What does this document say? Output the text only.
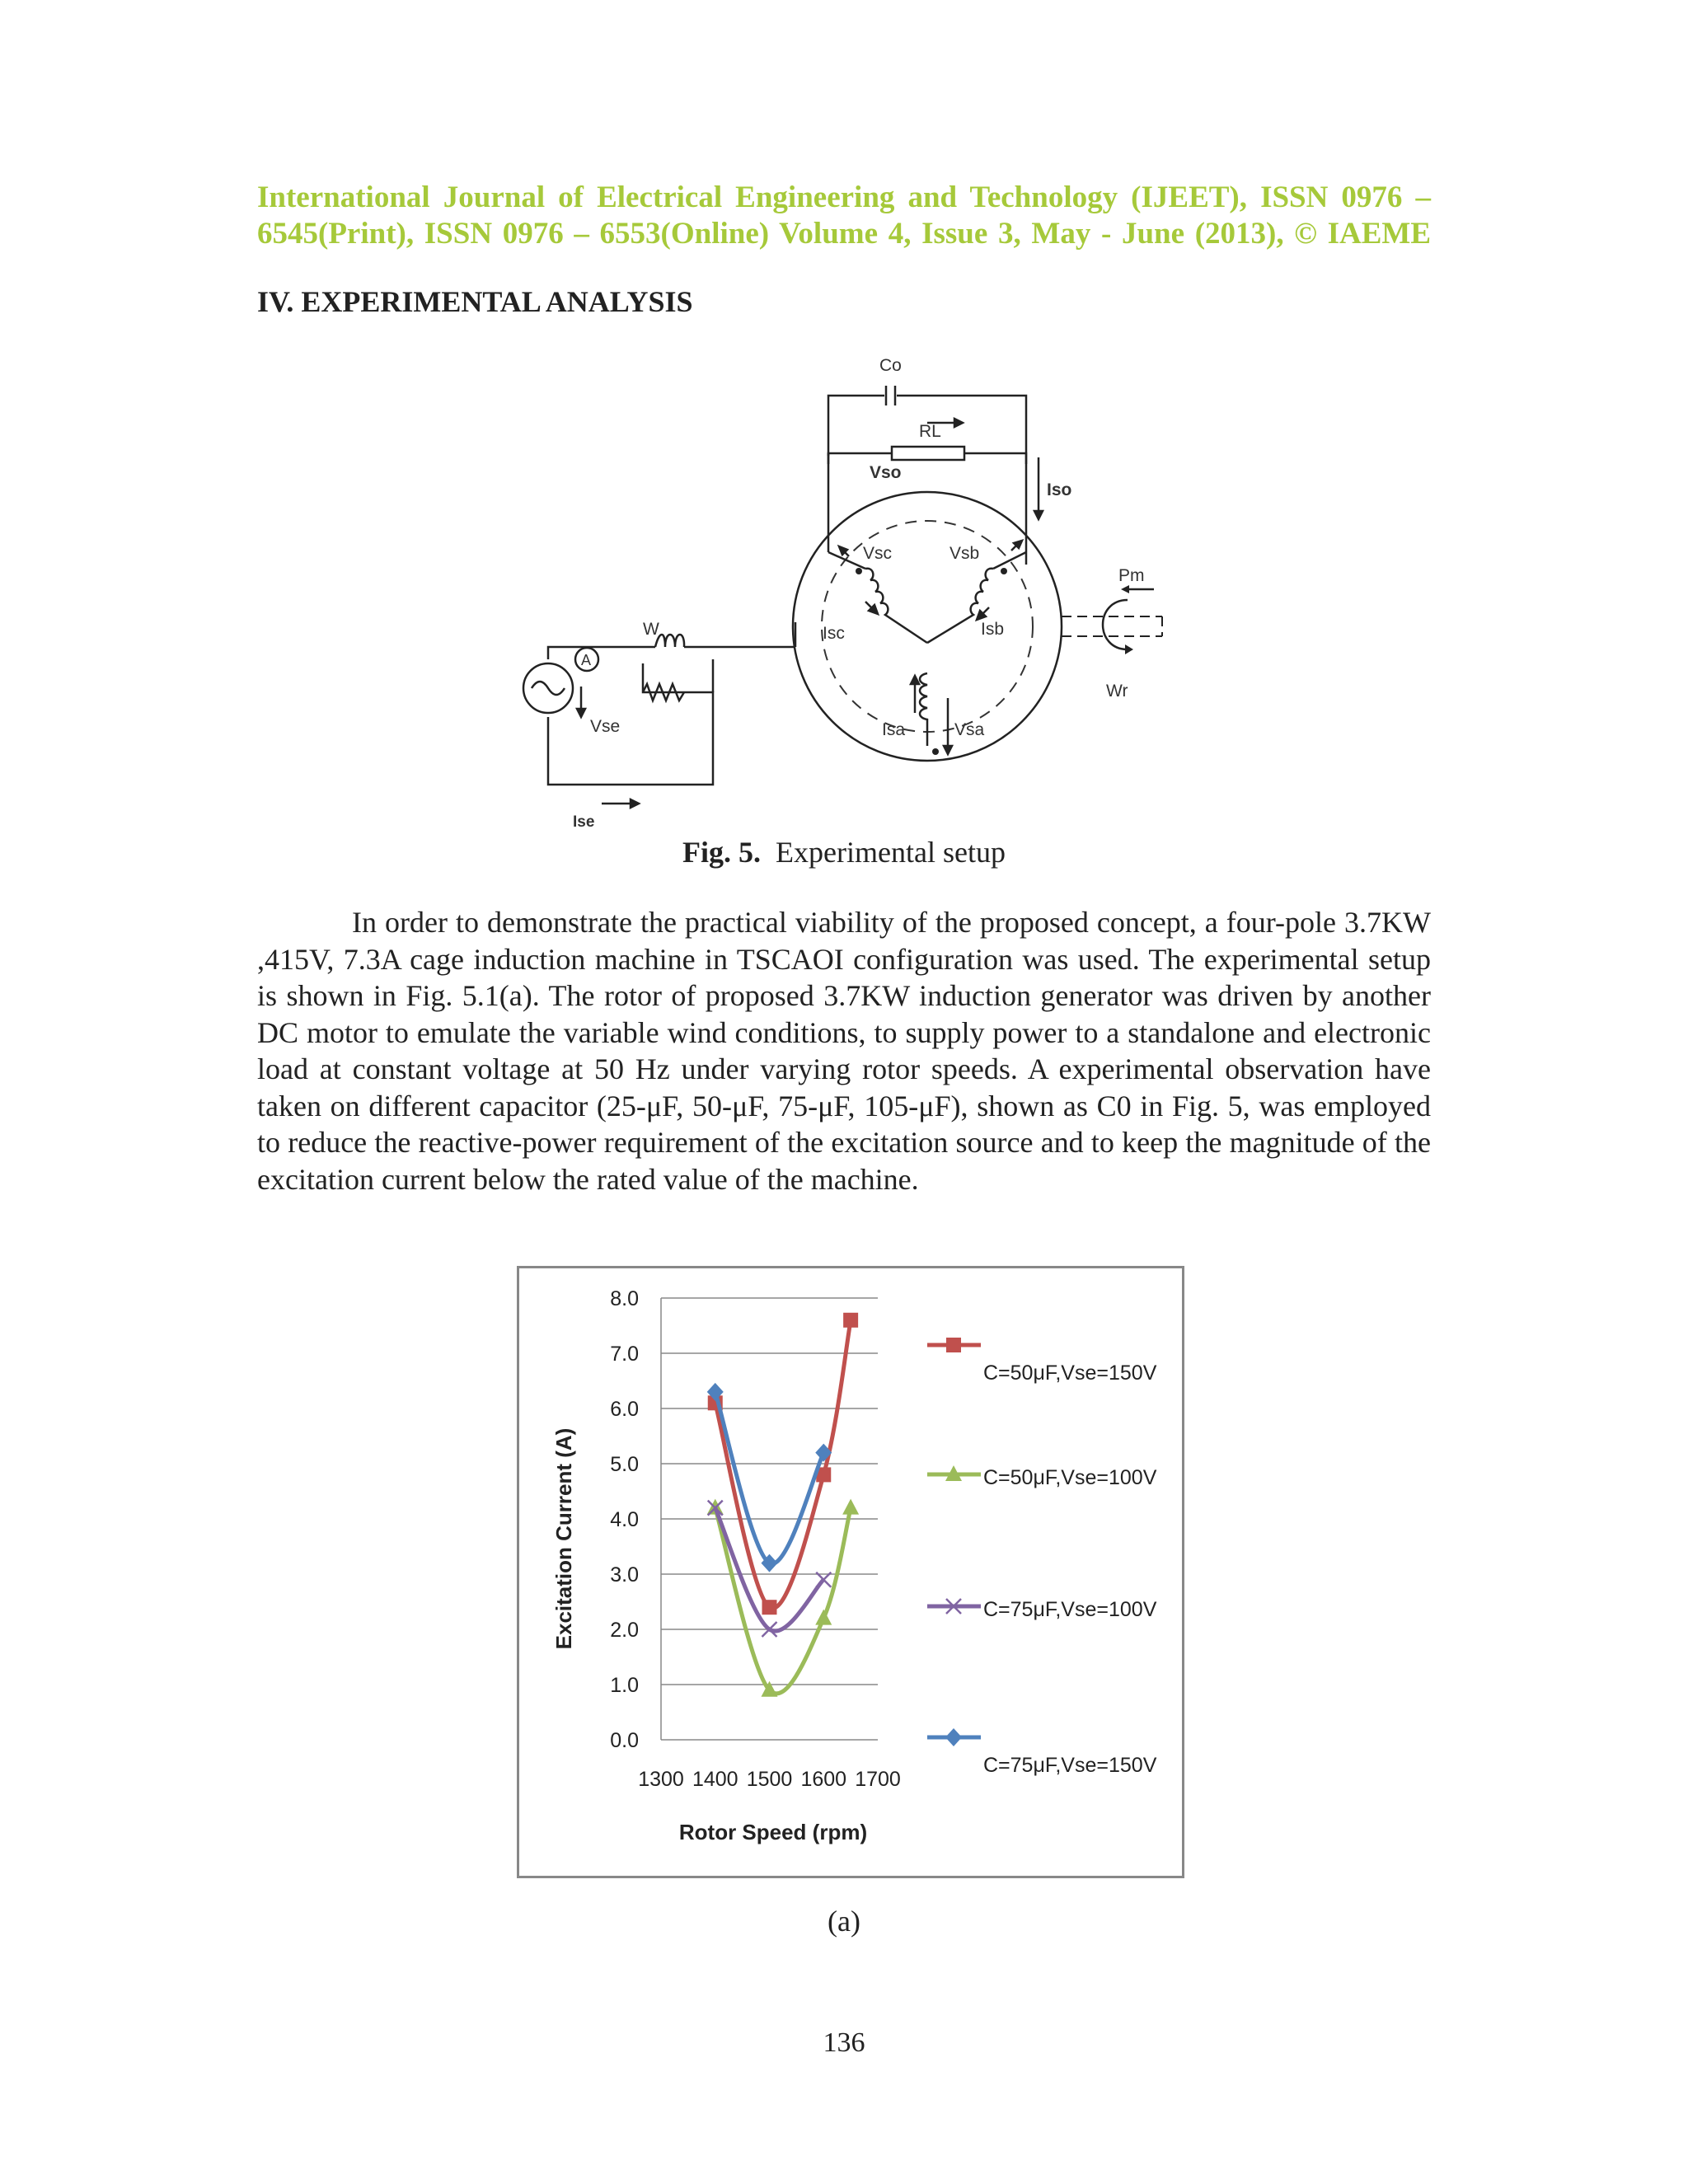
International Journal of Electrical Engineering and Technology (IJEET), ISSN 0976 –
6545(Print), ISSN 0976 – 6553(Online) Volume 4, Issue 3, May - June (2013), © IAEME
IV. EXPERIMENTAL ANALYSIS
Co
RL
Vso
Iso
Vsc	Vsb
Isc	Isb
Isa	Vsa
Pm
Wr
W
A
Vse
Ise
Fig. 5. Experimental setup
In order to demonstrate the practical viability of the proposed concept, a four-pole 3.7KW ,415V, 7.3A cage induction machine in TSCAOI configuration was used. The experimental setup is shown in Fig. 5.1(a). The rotor of proposed 3.7KW induction generator was driven by another DC motor to emulate the variable wind conditions, to supply power to a standalone and electronic load at constant voltage at 50 Hz under varying rotor speeds. A experimental observation have taken on different capacitor (25-μF, 50-μF, 75-μF, 105-μF), shown as C0 in Fig. 5, was employed to reduce the reactive-power requirement of the excitation source and to keep the magnitude of the excitation current below the rated value of the machine.
0.0
1.0
2.0
3.0
4.0
5.0
6.0
7.0
8.0
1300 1400 1500 1600 1700
C=50μF,Vse=150V
C=50μF,Vse=100V
C=75μF,Vse=100V
C=75μF,Vse=150V
Rotor Speed (rpm)
Excitation Current (A)
(a)
136
